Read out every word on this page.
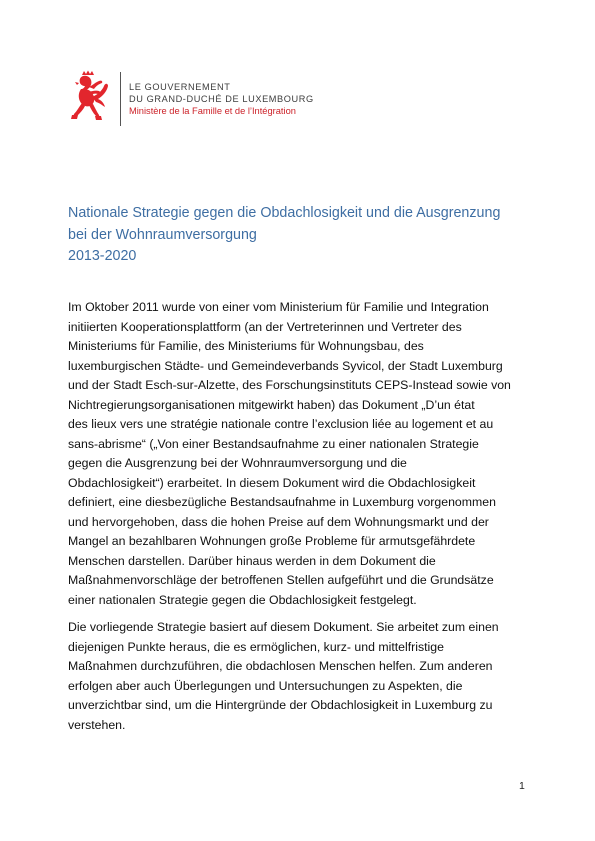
LE GOUVERNEMENT
DU GRAND-DUCHÉ DE LUXEMBOURG
Ministère de la Famille et de l’Intégration
Nationale Strategie gegen die Obdachlosigkeit und die Ausgrenzung
bei der Wohnraumversorgung
2013-2020
Im Oktober 2011 wurde von einer vom Ministerium für Familie und Integration
initiierten Kooperationsplattform (an der Vertreterinnen und Vertreter des
Ministeriums für Familie, des Ministeriums für Wohnungsbau, des
luxemburgischen Städte- und Gemeindeverbands Syvicol, der Stadt Luxemburg
und der Stadt Esch-sur-Alzette, des Forschungsinstituts CEPS-Instead sowie von
Nichtregierungsorganisationen mitgewirkt haben) das Dokument „D’un état
des lieux vers une stratégie nationale contre l’exclusion liée au logement et au
sans-abrisme“ („Von einer Bestandsaufnahme zu einer nationalen Strategie
gegen die Ausgrenzung bei der Wohnraumversorgung und die
Obdachlosigkeit“) erarbeitet. In diesem Dokument wird die Obdachlosigkeit
definiert, eine diesbezügliche Bestandsaufnahme in Luxemburg vorgenommen
und hervorgehoben, dass die hohen Preise auf dem Wohnungsmarkt und der
Mangel an bezahlbaren Wohnungen große Probleme für armutsgefährdete
Menschen darstellen. Darüber hinaus werden in dem Dokument die
Maßnahmenvorschläge der betroffenen Stellen aufgeführt und die Grundsätze
einer nationalen Strategie gegen die Obdachlosigkeit festgelegt.
Die vorliegende Strategie basiert auf diesem Dokument. Sie arbeitet zum einen
diejenigen Punkte heraus, die es ermöglichen, kurz- und mittelfristige
Maßnahmen durchzuführen, die obdachlosen Menschen helfen. Zum anderen
erfolgen aber auch Überlegungen und Untersuchungen zu Aspekten, die
unverzichtbar sind, um die Hintergründe der Obdachlosigkeit in Luxemburg zu
verstehen.
1
